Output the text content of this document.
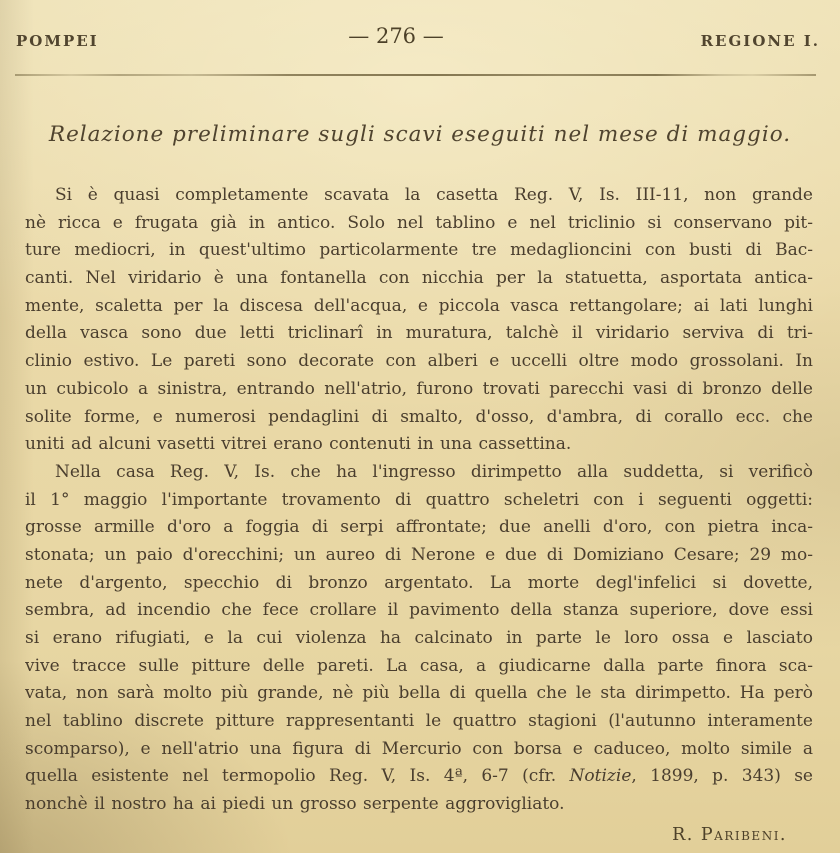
POMPEI	— 276 —	REGIONE I.
Relazione preliminare sugli scavi eseguiti nel mese di maggio.
Si è quasi completamente scavata la casetta Reg. V, Is. III-11, non grande
nè ricca e frugata già in antico. Solo nel tablino e nel triclinio si conservano pit-
ture mediocri, in quest'ultimo particolarmente tre medaglioncini con busti di Bac-
canti. Nel viridario è una fontanella con nicchia per la statuetta, asportata antica-
mente, scaletta per la discesa dell'acqua, e piccola vasca rettangolare; ai lati lunghi
della vasca sono due letti triclinarî in muratura, talchè il viridario serviva di tri-
clinio estivo. Le pareti sono decorate con alberi e uccelli oltre modo grossolani. In
un cubicolo a sinistra, entrando nell'atrio, furono trovati parecchi vasi di bronzo delle
solite forme, e numerosi pendaglini di smalto, d'osso, d'ambra, di corallo ecc. che
uniti ad alcuni vasetti vitrei erano contenuti in una cassettina.
Nella casa Reg. V, Is. che ha l'ingresso dirimpetto alla suddetta, si verificò
il 1° maggio l'importante trovamento di quattro scheletri con i seguenti oggetti:
grosse armille d'oro a foggia di serpi affrontate; due anelli d'oro, con pietra inca-
stonata; un paio d'orecchini; un aureo di Nerone e due di Domiziano Cesare; 29 mo-
nete d'argento, specchio di bronzo argentato. La morte degl'infelici si dovette,
sembra, ad incendio che fece crollare il pavimento della stanza superiore, dove essi
si erano rifugiati, e la cui violenza ha calcinato in parte le loro ossa e lasciato
vive tracce sulle pitture delle pareti. La casa, a giudicarne dalla parte finora sca-
vata, non sarà molto più grande, nè più bella di quella che le sta dirimpetto. Ha però
nel tablino discrete pitture rappresentanti le quattro stagioni (l'autunno interamente
scomparso), e nell'atrio una figura di Mercurio con borsa e caduceo, molto simile a
quella esistente nel termopolio Reg. V, Is. 4ª, 6-7 (cfr. Notizie, 1899, p. 343) se
nonchè il nostro ha ai piedi un grosso serpente aggrovigliato.
R. Paribeni.
